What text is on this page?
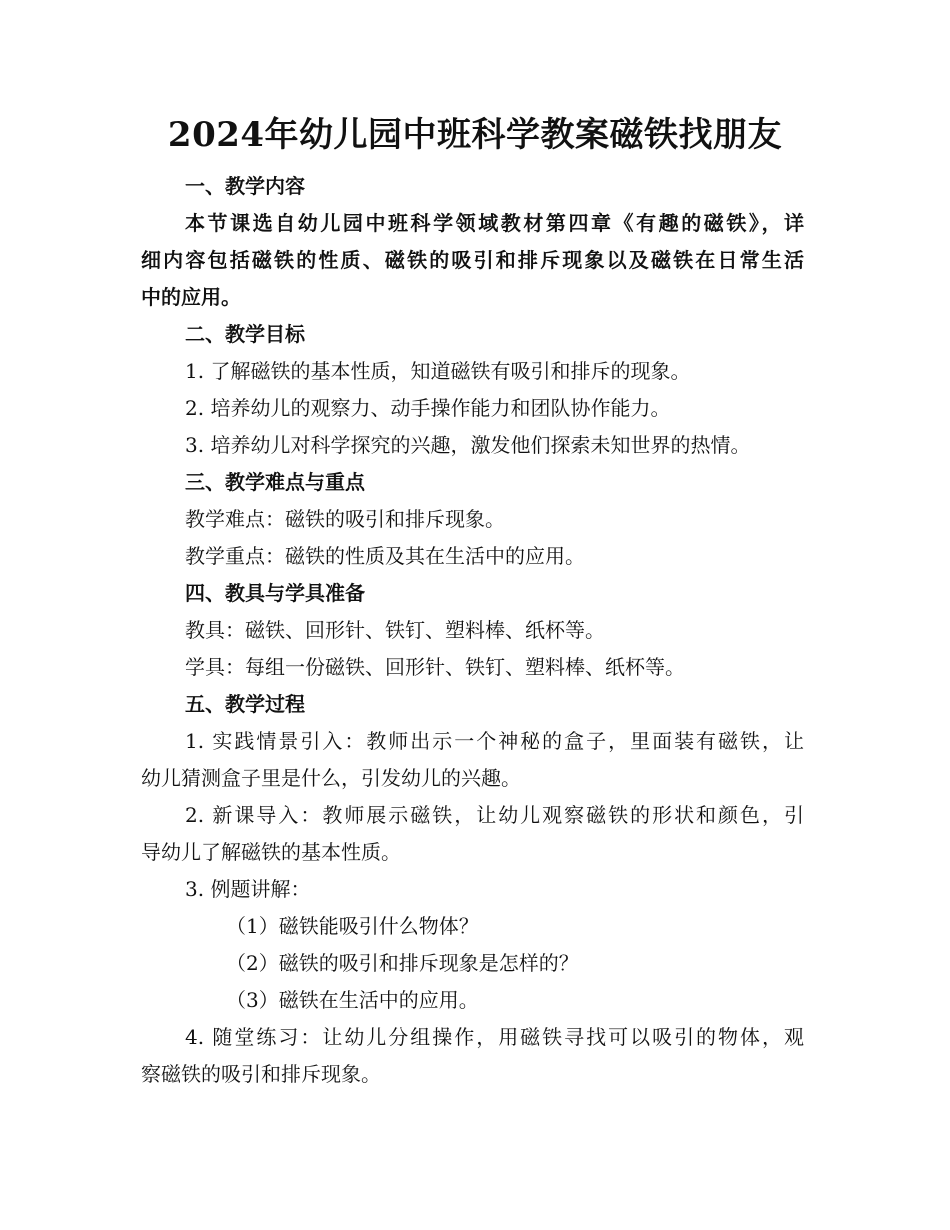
2024年幼儿园中班科学教案磁铁找朋友
一、教学内容
本节课选自幼儿园中班科学领域教材第四章《有趣的磁铁》，详
细内容包括磁铁的性质、磁铁的吸引和排斥现象以及磁铁在日常生活
中的应用。
二、教学目标
1. 了解磁铁的基本性质，知道磁铁有吸引和排斥的现象。
2. 培养幼儿的观察力、动手操作能力和团队协作能力。
3. 培养幼儿对科学探究的兴趣，激发他们探索未知世界的热情。
三、教学难点与重点
教学难点：磁铁的吸引和排斥现象。
教学重点：磁铁的性质及其在生活中的应用。
四、教具与学具准备
教具：磁铁、回形针、铁钉、塑料棒、纸杯等。
学具：每组一份磁铁、回形针、铁钉、塑料棒、纸杯等。
五、教学过程
1. 实践情景引入：教师出示一个神秘的盒子，里面装有磁铁，让
幼儿猜测盒子里是什么，引发幼儿的兴趣。
2. 新课导入：教师展示磁铁，让幼儿观察磁铁的形状和颜色，引
导幼儿了解磁铁的基本性质。
3. 例题讲解：
（1）磁铁能吸引什么物体？
（2）磁铁的吸引和排斥现象是怎样的？
（3）磁铁在生活中的应用。
4. 随堂练习：让幼儿分组操作，用磁铁寻找可以吸引的物体，观
察磁铁的吸引和排斥现象。
